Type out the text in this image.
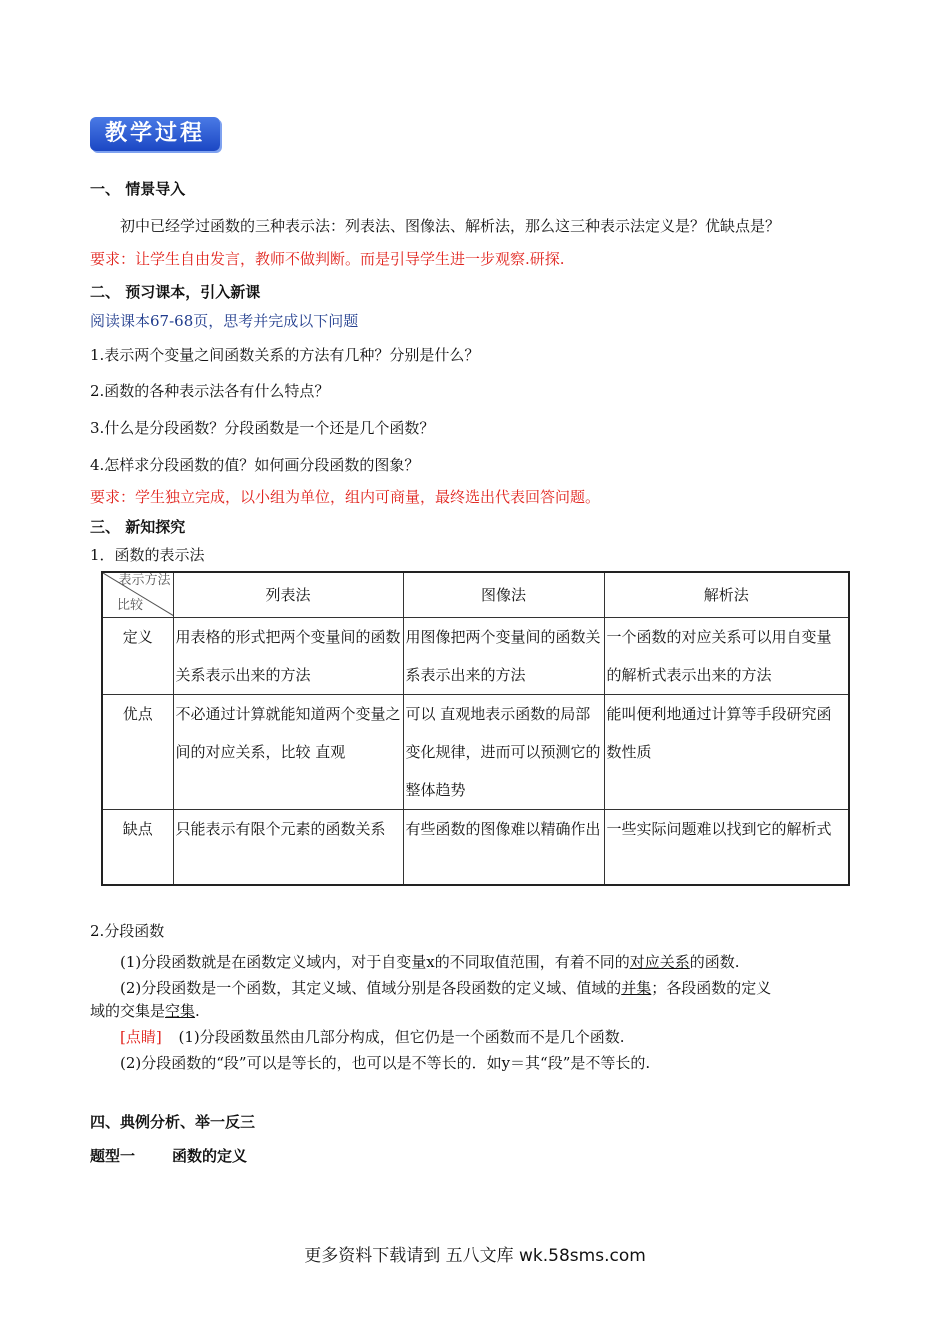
教学过程
一、 情景导入
初中已经学过函数的三种表示法：列表法、图像法、解析法，那么这三种表示法定义是？优缺点是？
要求：让学生自由发言，教师不做判断。而是引导学生进一步观察.研探.
二、 预习课本，引入新课
阅读课本67-68页，思考并完成以下问题
1.表示两个变量之间函数关系的方法有几种？分别是什么？
2.函数的各种表示法各有什么特点？
3.什么是分段函数？分段函数是一个还是几个函数？
4.怎样求分段函数的值？如何画分段函数的图象？
要求：学生独立完成，以小组为单位，组内可商量，最终选出代表回答问题。
三、 新知探究
1．函数的表示法
表示方法
比较	列表法	图像法	解析法
定义	用表格的形式把两个变量间的函数关系表示出来的方法	用图像把两个变量间的函数关系表示出来的方法	一个函数的对应关系可以用自变量的解析式表示出来的方法
优点	不必通过计算就能知道两个变量之间的对应关系，比较 直观	可以 直观地表示函数的局部变化规律，进而可以预测它的整体趋势	能叫便利地通过计算等手段研究函数性质
缺点	只能表示有限个元素的函数关系	有些函数的图像难以精确作出	一些实际问题难以找到它的解析式
2.分段函数
(1)分段函数就是在函数定义域内，对于自变量x的不同取值范围，有着不同的对应关系的函数.
(2)分段函数是一个函数，其定义域、值域分别是各段函数的定义域、值域的并集；各段函数的定义
域的交集是空集.
[点睛] (1)分段函数虽然由几部分构成，但它仍是一个函数而不是几个函数.
(2)分段函数的“段”可以是等长的，也可以是不等长的．如y＝其“段”是不等长的.
四、典例分析、举一反三
题型一 函数的定义
更多资料下载请到 五八文库 wk.58sms.com
